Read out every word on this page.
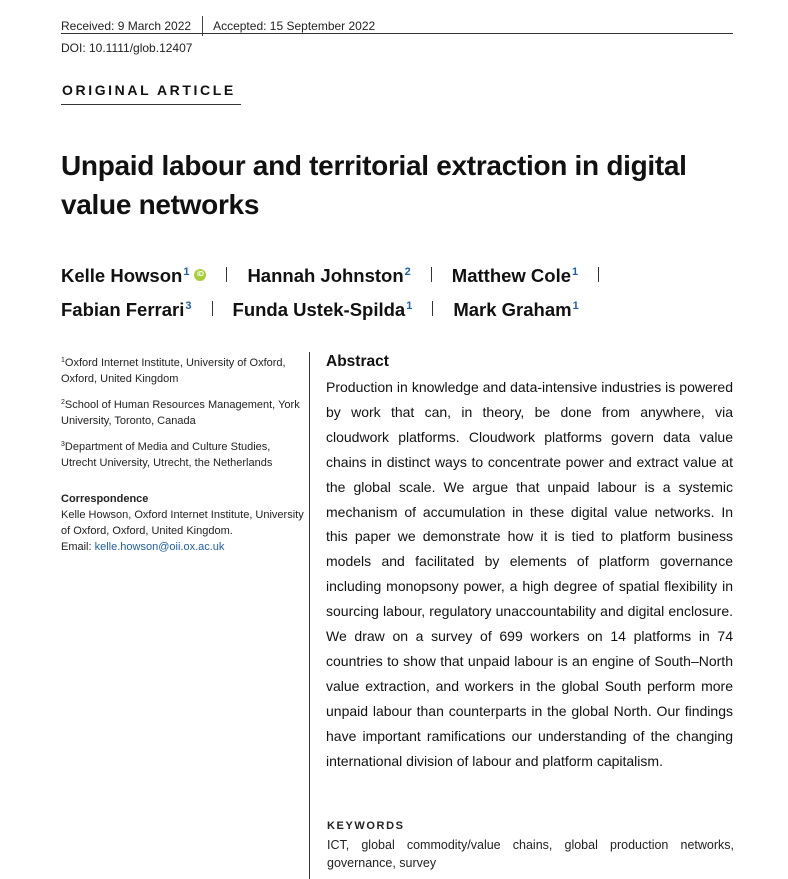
Received: 9 March 2022 Accepted: 15 September 2022
DOI: 10.1111/glob.12407
ORIGINAL ARTICLE
Unpaid labour and territorial extraction in digital value networks
Kelle Howson$^1$	iD Hannah Johnston$^2$ Matthew Cole$^1$
Fabian Ferrari$^3$ Funda Ustek-Spilda$^1$ Mark Graham$^1$
$^1$Oxford Internet Institute, University of Oxford, Oxford, United Kingdom
$^2$School of Human Resources Management, York University, Toronto, Canada
$^3$Department of Media and Culture Studies, Utrecht University, Utrecht, the Netherlands
Correspondence
Kelle Howson, Oxford Internet Institute, University of Oxford, Oxford, United Kingdom.
Email: kelle.howson@oii.ox.ac.uk
Abstract
Production in knowledge and data-intensive industries is powered by work that can, in theory, be done from anywhere, via cloudwork platforms. Cloudwork platforms govern data value chains in distinct ways to concentrate power and extract value at the global scale. We argue that unpaid labour is a systemic mechanism of accumulation in these digital value networks. In this paper we demonstrate how it is tied to platform business models and facilitated by elements of platform governance including monopsony power, a high degree of spatial flexibility in sourcing labour, regulatory unaccountability and digital enclosure. We draw on a survey of 699 workers on 14 platforms in 74 countries to show that unpaid labour is an engine of South–North value extraction, and workers in the global South perform more unpaid labour than counterparts in the global North. Our findings have important ramifications our understanding of the changing international division of labour and platform capitalism.
KEYWORDS
ICT, global commodity/value chains, global production networks, governance, survey
